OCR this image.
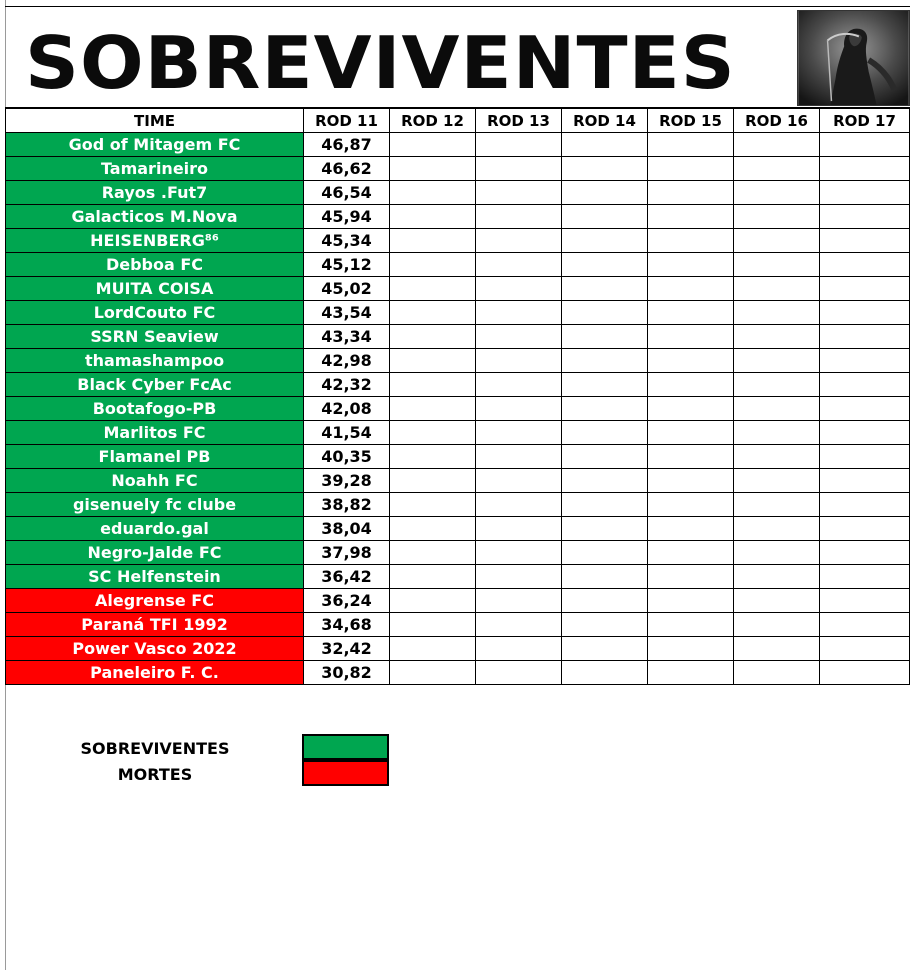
SOBREVIVENTES
TIME	ROD 11	ROD 12	ROD 13	ROD 14	ROD 15	ROD 16	ROD 17
God of Mitagem FC	46,87						
Tamarineiro	46,62						
Rayos .Fut7	46,54						
Galacticos M.Nova	45,94						
HEISENBERG⁸⁶	45,34						
Debboa FC	45,12						
MUITA COISA	45,02						
LordCouto FC	43,54						
SSRN Seaview	43,34						
thamashampoo	42,98						
Black Cyber FcAc	42,32						
Bootafogo-PB	42,08						
Marlitos FC	41,54						
Flamanel PB	40,35						
Noahh FC	39,28						
gisenuely fc clube	38,82						
eduardo.gal	38,04						
Negro-Jalde FC	37,98						
SC Helfenstein	36,42						
Alegrense FC	36,24						
Paraná TFI 1992	34,68						
Power Vasco 2022	32,42						
Paneleiro F. C.	30,82						
SOBREVIVENTES
MORTES
